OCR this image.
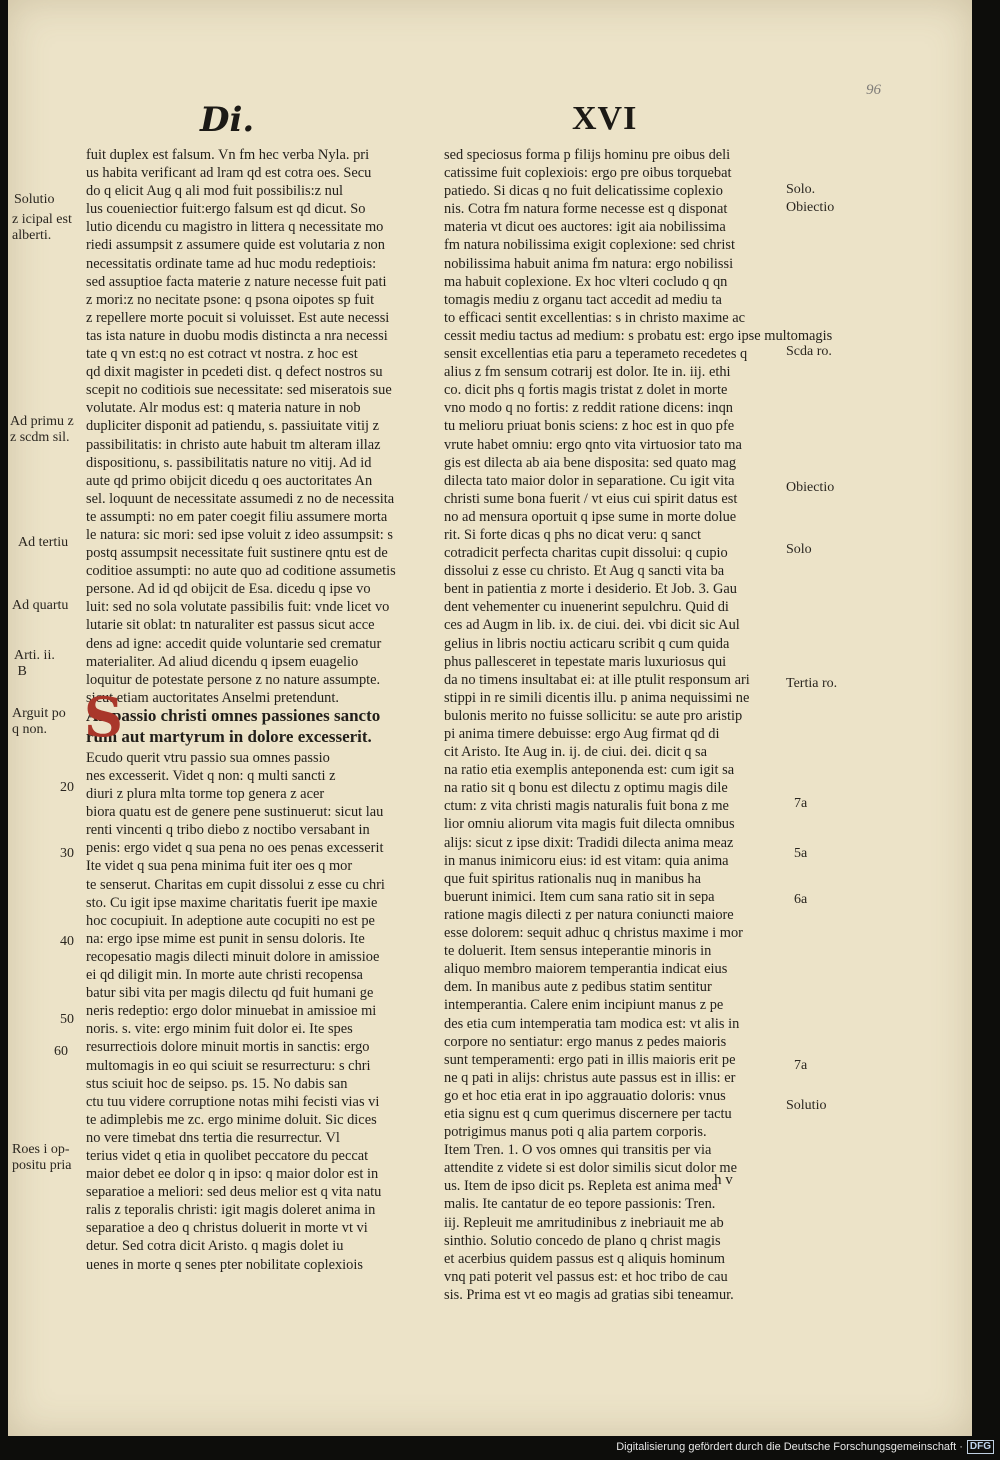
Di.	XVI
96
fuit duplex est falsum. Vn fm hec verba Nyla. pri
us habita verificant ad lram qd est cotra oes. Secu
do q elicit Aug q ali mod fuit possibilis:z nul
lus coueniectior fuit:ergo falsum est qd dicut. So
lutio dicendu cu magistro in littera q necessitate mo
riedi assumpsit z assumere quide est volutaria z non
necessitatis ordinate tame ad huc modu redeptiois:
sed assuptioe facta materie z nature necesse fuit pati
z mori:z no necitate psone: q psona oipotes sp fuit
z repellere morte pocuit si voluisset. Est aute necessi
tas ista nature in duobu modis distincta a nra necessi
tate q vn est:q no est cotract vt nostra. z hoc est
qd dixit magister in pcedeti dist. q defect nostros su
scepit no coditiois sue necessitate: sed miseratois sue
volutate. Alr modus est: q materia nature in nob
dupliciter disponit ad patiendu, s. passiuitate vitij z
passibilitatis: in christo aute habuit tm alteram illaz
dispositionu, s. passibilitatis nature no vitij. Ad id
aute qd primo obijcit dicedu q oes auctoritates An
sel. loquunt de necessitate assumedi z no de necessita
te assumpti: no em pater coegit filiu assumere morta
le natura: sic mori: sed ipse voluit z ideo assumpsit: s
postq assumpsit necessitate fuit sustinere qntu est de
coditioe assumpti: no aute quo ad coditione assumetis
persone. Ad id qd obijcit de Esa. dicedu q ipse vo
luit: sed no sola volutate passibilis fuit: vnde licet vo
lutarie sit oblat: tn naturaliter est passus sicut acce
dens ad igne: accedit quide voluntarie sed crematur
materialiter. Ad aliud dicendu q ipsem euagelio
loquitur de potestate persone z no nature assumpte.
sicut etiam auctoritates Anselmi pretendunt.
An passio christi omnes passiones sancto
rum aut martyrum in dolore excesserit.
Ecudo querit vtru passio sua omnes passio
nes excesserit. Videt q non: q multi sancti z
diuri z plura mlta torme top genera z acer
biora quatu est de genere pene sustinuerut: sicut lau
renti vincenti q tribo diebo z noctibo versabant in
penis: ergo videt q sua pena no oes penas excesserit
Ite videt q sua pena minima fuit iter oes q mor
te senserut. Charitas em cupit dissolui z esse cu chri
sto. Cu igit ipse maxime charitatis fuerit ipe maxie
hoc cocupiuit. In adeptione aute cocupiti no est pe
na: ergo ipse mime est punit in sensu doloris. Ite
recopesatio magis dilecti minuit dolore in amissioe
ei qd diligit min. In morte aute christi recopensa
batur sibi vita per magis dilectu qd fuit humani ge
neris redeptio: ergo dolor minuebat in amissioe mi
noris. s. vite: ergo minim fuit dolor ei. Ite spes
resurrectiois dolore minuit mortis in sanctis: ergo
multomagis in eo qui sciuit se resurrecturu: s chri
stus sciuit hoc de seipso. ps. 15. No dabis san
ctu tuu videre corruptione notas mihi fecisti vias vi
te adimplebis me zc. ergo minime doluit. Sic dices
no vere timebat dns tertia die resurrectur. Vl
terius videt q etia in quolibet peccatore du peccat
maior debet ee dolor q in ipso: q maior dolor est in
separatioe a meliori: sed deus melior est q vita natu
ralis z teporalis christi: igit magis doleret anima in
separatioe a deo q christus doluerit in morte vt vi
detur. Sed cotra dicit Aristo. q magis dolet iu
uenes in morte q senes pter nobilitate coplexiois
sed speciosus forma p filijs hominu pre oibus deli
catissime fuit coplexiois: ergo pre oibus torquebat
patiedo. Si dicas q no fuit delicatissime coplexio
nis. Cotra fm natura forme necesse est q disponat
materia vt dicut oes auctores: igit aia nobilissima
fm natura nobilissima exigit coplexione: sed christ
nobilissima habuit anima fm natura: ergo nobilissi
ma habuit coplexione. Ex hoc vlteri cocludo q qn
tomagis mediu z organu tact accedit ad mediu ta
to efficaci sentit excellentias: s in christo maxime ac
cessit mediu tactus ad medium: s probatu est: ergo ipse multomagis
sensit excellentias etia paru a teperameto recedetes q
alius z fm sensum cotrarij est dolor. Ite in. iij. ethi
co. dicit phs q fortis magis tristat z dolet in morte
vno modo q no fortis: z reddit ratione dicens: inqn
tu melioru priuat bonis sciens: z hoc est in quo pfe
vrute habet omniu: ergo qnto vita virtuosior tato ma
gis est dilecta ab aia bene disposita: sed quato mag
dilecta tato maior dolor in separatione. Cu igit vita
christi sume bona fuerit / vt eius cui spirit datus est
no ad mensura oportuit q ipse sume in morte dolue
rit. Si forte dicas q phs no dicat veru: q sanct
cotradicit perfecta charitas cupit dissolui: q cupio
dissolui z esse cu christo. Et Aug q sancti vita ba
bent in patientia z morte i desiderio. Et Job. 3. Gau
dent vehementer cu inuenerint sepulchru. Quid di
ces ad Augm in lib. ix. de ciui. dei. vbi dicit sic Aul
gelius in libris noctiu acticaru scribit q cum quida
phus pallesceret in tepestate maris luxuriosus qui
da no timens insultabat ei: at ille ptulit responsum ari
stippi in re simili dicentis illu. p anima nequissimi ne
bulonis merito no fuisse sollicitu: se aute pro aristip
pi anima timere debuisse: ergo Aug firmat qd di
cit Aristo. Ite Aug in. ij. de ciui. dei. dicit q sa
na ratio etia exemplis anteponenda est: cum igit sa
na ratio sit q bonu est dilectu z optimu magis dile
ctum: z vita christi magis naturalis fuit bona z me
lior omniu aliorum vita magis fuit dilecta omnibus
alijs: sicut z ipse dixit: Tradidi dilecta anima meaz
in manus inimicoru eius: id est vitam: quia anima
que fuit spiritus rationalis nuq in manibus ha
buerunt inimici. Item cum sana ratio sit in sepa
ratione magis dilecti z per natura coniuncti maiore
esse dolorem: sequit adhuc q christus maxime i mor
te doluerit. Item sensus inteperantie minoris in
aliquo membro maiorem temperantia indicat eius
dem. In manibus aute z pedibus statim sentitur
intemperantia. Calere enim incipiunt manus z pe
des etia cum intemperatia tam modica est: vt alis in
corpore no sentiatur: ergo manus z pedes maioris
sunt temperamenti: ergo pati in illis maioris erit pe
ne q pati in alijs: christus aute passus est in illis: er
go et hoc etia erat in ipo aggrauatio doloris: vnus
etia signu est q cum querimus discernere per tactu
potrigimus manus poti q alia partem corporis.
Item Tren. 1. O vos omnes qui transitis per via
attendite z videte si est dolor similis sicut dolor me
us. Item de ipso dicit ps. Repleta est anima mea
malis. Ite cantatur de eo tepore passionis: Tren.
iij. Repleuit me amritudinibus z inebriauit me ab
sinthio. Solutio concedo de plano q christ magis
et acerbius quidem passus est q aliquis hominum
vnq pati poterit vel passus est: et hoc tribo de cau
sis. Prima est vt eo magis ad gratias sibi teneamur.
S
h v
Solutio
z icipal est
alberti.
Ad primu z
z scdm sil.
Ad tertiu
Ad quartu
Arti. ii.
B
Arguit po
q non.
20
30
40
50
60
Roes i op-
positu pria
Solo.
Obiectio
Scda ro.
Obiectio
Solo
Tertia ro.
7a
5a
6a
7a
Solutio
Digitalisierung gefördert durch die Deutsche Forschungsgemeinschaft · DFG
